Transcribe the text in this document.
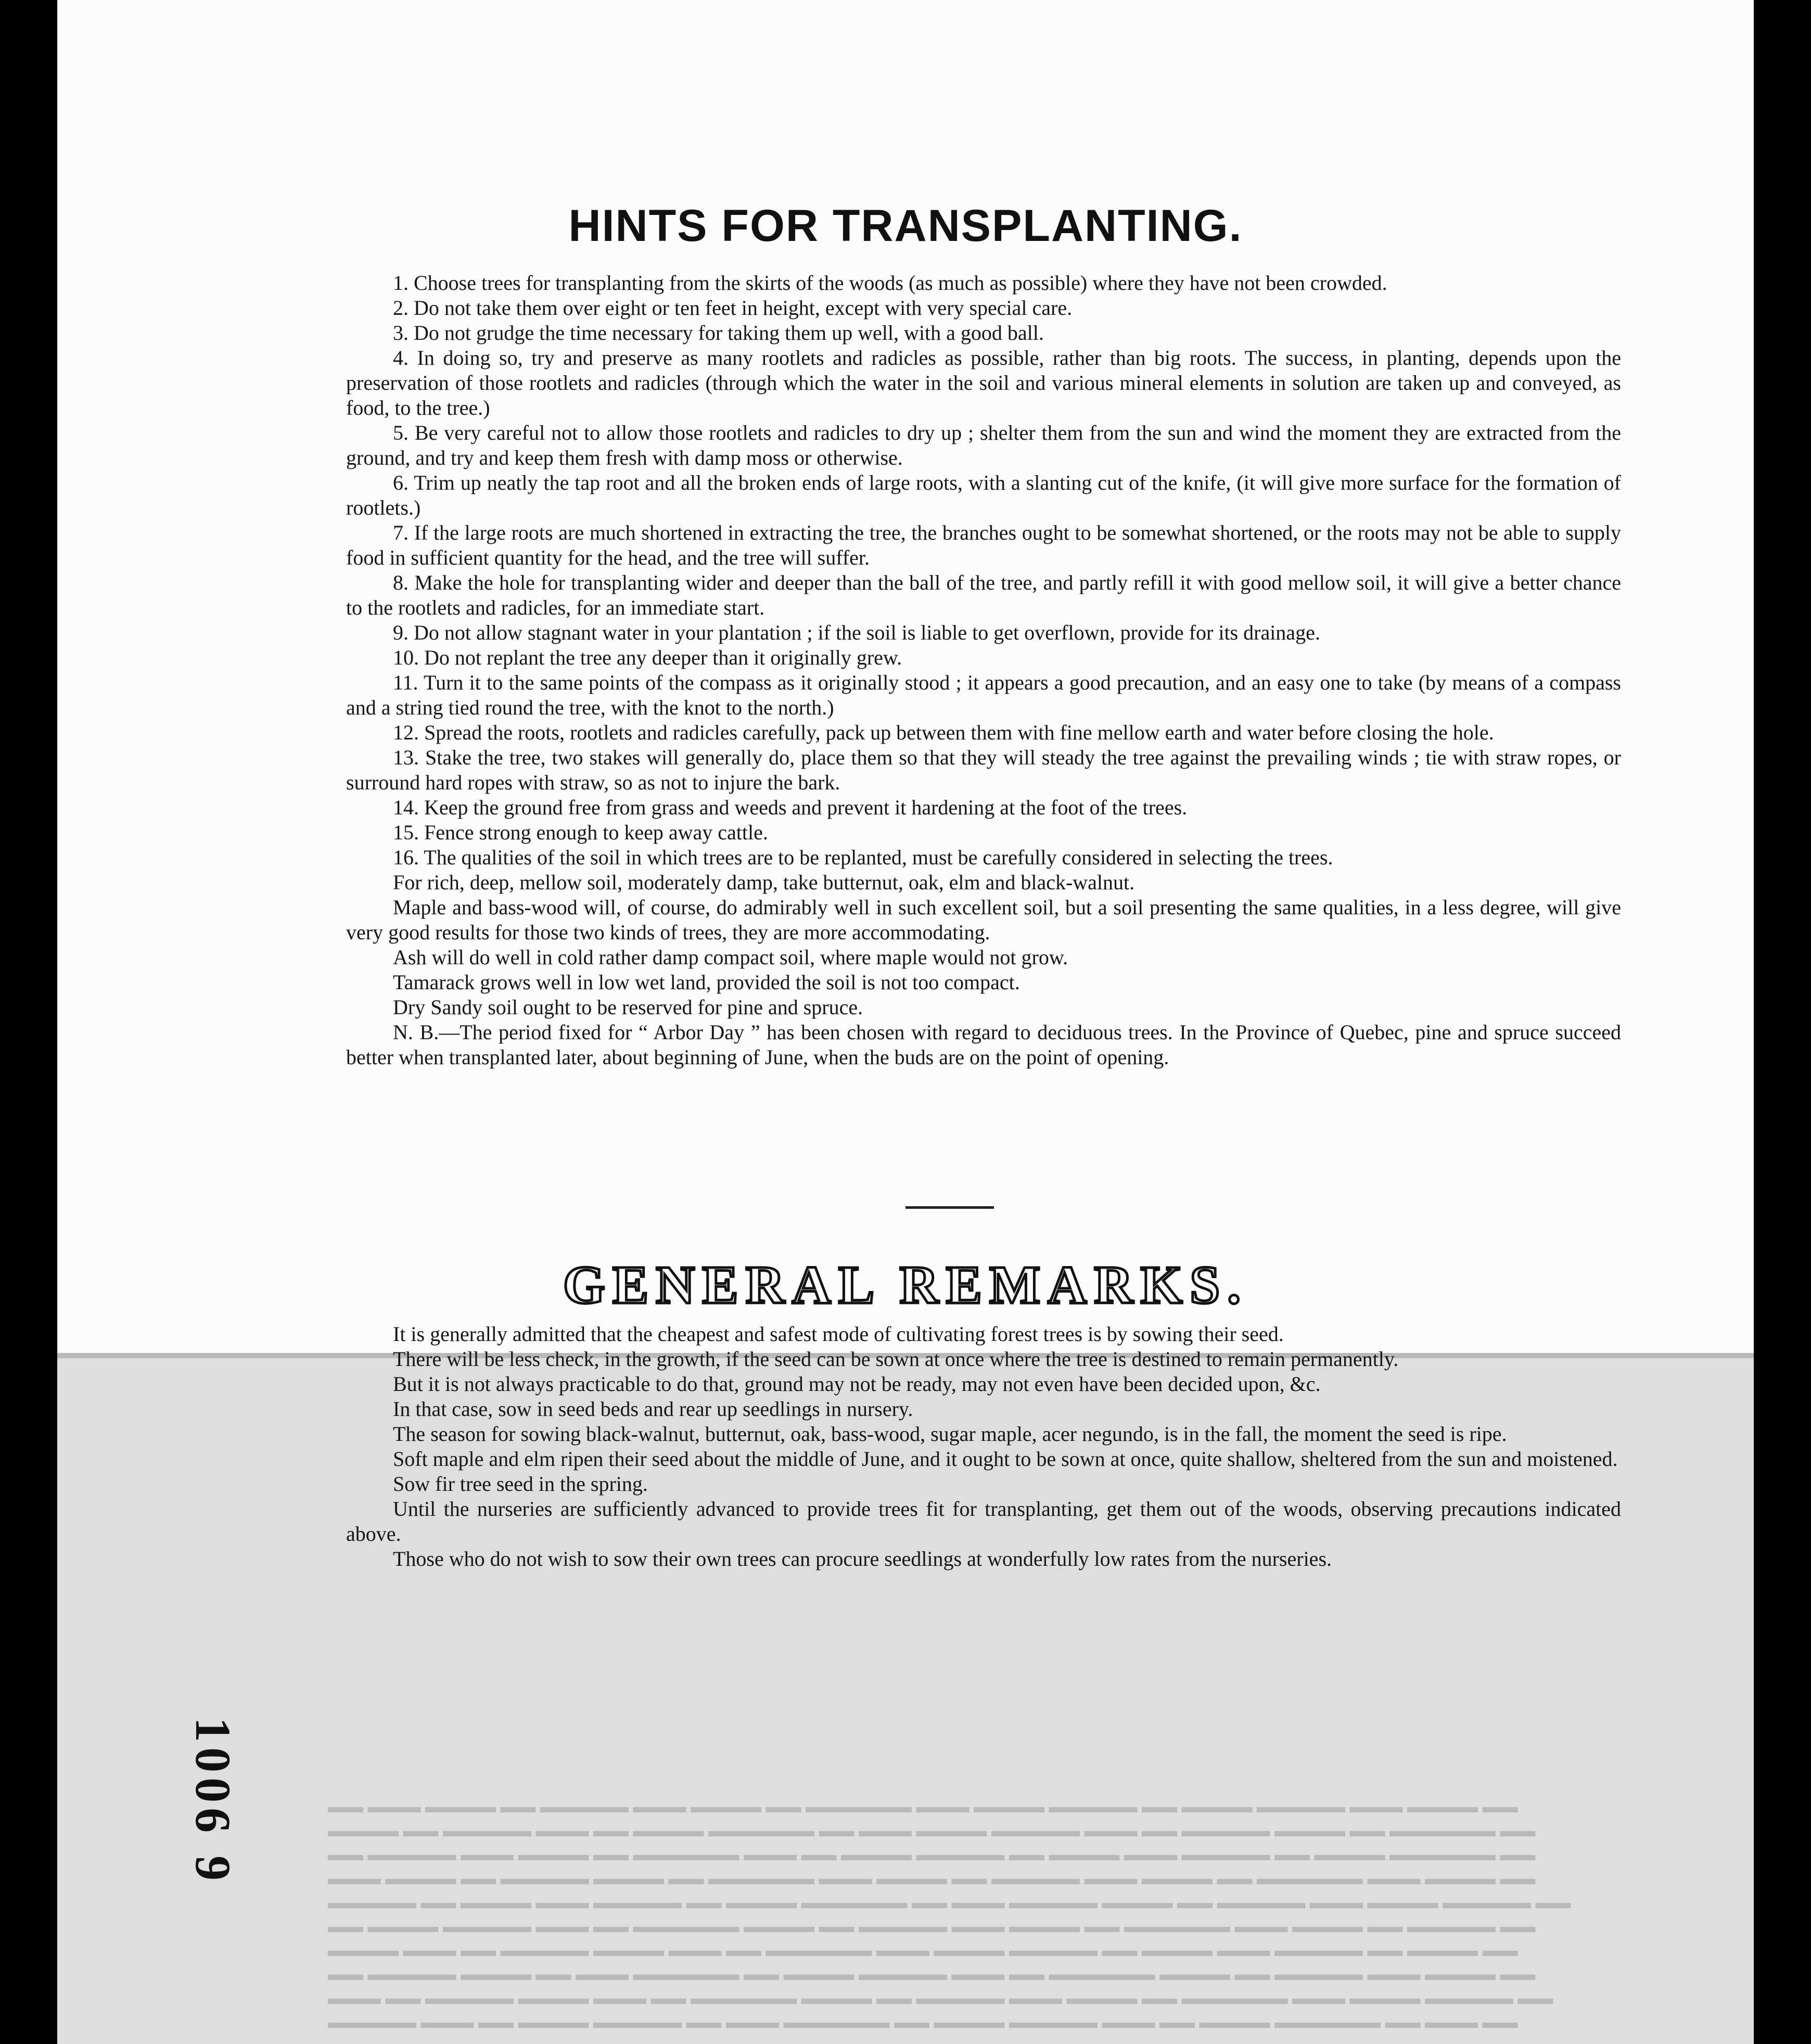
HINTS FOR TRANSPLANTING.

1. Choose trees for transplanting from the skirts of the woods (as much as possible) where they have not been crowded.

2. Do not take them over eight or ten feet in height, except with very special care.

3. Do not grudge the time necessary for taking them up well, with a good ball.

4. In doing so, try and preserve as many rootlets and radicles as possible, rather than big roots. The success, in planting, depends upon the preservation of those rootlets and radicles (through which the water in the soil and various mineral elements in solution are taken up and conveyed, as food, to the tree.)

5. Be very careful not to allow those rootlets and radicles to dry up ; shelter them from the sun and wind the moment they are extracted from the ground, and try and keep them fresh with damp moss or otherwise.

6. Trim up neatly the tap root and all the broken ends of large roots, with a slanting cut of the knife, (it will give more surface for the formation of rootlets.)

7. If the large roots are much shortened in extracting the tree, the branches ought to be somewhat shortened, or the roots may not be able to supply food in sufficient quantity for the head, and the tree will suffer.

8. Make the hole for transplanting wider and deeper than the ball of the tree, and partly refill it with good mellow soil, it will give a better chance to the rootlets and radicles, for an immediate start.

9. Do not allow stagnant water in your plantation ; if the soil is liable to get overflown, provide for its drainage.

10. Do not replant the tree any deeper than it originally grew.

11. Turn it to the same points of the compass as it originally stood ; it appears a good precaution, and an easy one to take (by means of a compass and a string tied round the tree, with the knot to the north.)

12. Spread the roots, rootlets and radicles carefully, pack up between them with fine mellow earth and water before closing the hole.

13. Stake the tree, two stakes will generally do, place them so that they will steady the tree against the prevailing winds ; tie with straw ropes, or surround hard ropes with straw, so as not to injure the bark.

14. Keep the ground free from grass and weeds and prevent it hardening at the foot of the trees.

15. Fence strong enough to keep away cattle.

16. The qualities of the soil in which trees are to be replanted, must be carefully considered in selecting the trees.

For rich, deep, mellow soil, moderately damp, take butternut, oak, elm and black-walnut.

Maple and bass-wood will, of course, do admirably well in such excellent soil, but a soil presenting the same qualities, in a less degree, will give very good results for those two kinds of trees, they are more accommodating.

Ash will do well in cold rather damp compact soil, where maple would not grow.

Tamarack grows well in low wet land, provided the soil is not too compact.

Dry Sandy soil ought to be reserved for pine and spruce.

N. B.—The period fixed for “ Arbor Day ” has been chosen with regard to deciduous trees. In the Province of Quebec, pine and spruce succeed better when transplanted later, about beginning of June, when the buds are on the point of opening.

GENERAL REMARKS.

It is generally admitted that the cheapest and safest mode of cultivating forest trees is by sowing their seed.

There will be less check, in the growth, if the seed can be sown at once where the tree is destined to remain permanently.

But it is not always practicable to do that, ground may not be ready, may not even have been decided upon, &c.

In that case, sow in seed beds and rear up seedlings in nursery.

The season for sowing black-walnut, butternut, oak, bass-wood, sugar maple, acer negundo, is in the fall, the moment the seed is ripe.

Soft maple and elm ripen their seed about the middle of June, and it ought to be sown at once, quite shallow, sheltered from the sun and moistened.

Sow fir tree seed in the spring.

Until the nurseries are sufficiently advanced to provide trees fit for transplanting, get them out of the woods, observing precautions indicated above.

Those who do not wish to sow their own trees can procure seedlings at wonderfully low rates from the nurseries.

1006 9	▬▬ ▬▬▬ ▬▬▬▬ ▬▬ ▬▬▬▬▬ ▬▬▬ ▬▬▬▬ ▬▬ ▬▬▬▬▬▬ ▬▬▬ ▬▬▬▬ ▬▬▬▬▬ ▬▬ ▬▬▬▬ ▬▬▬▬▬ ▬▬▬ ▬▬▬▬ ▬▬
▬▬▬▬ ▬▬ ▬▬▬▬▬ ▬▬▬ ▬▬ ▬▬▬▬ ▬▬▬▬▬▬ ▬▬ ▬▬▬ ▬▬▬▬ ▬▬▬▬▬ ▬▬▬ ▬▬ ▬▬▬▬▬ ▬▬▬▬ ▬▬ ▬▬▬▬▬▬ ▬▬
▬▬ ▬▬▬▬▬ ▬▬▬ ▬▬▬▬ ▬▬ ▬▬▬▬▬▬ ▬▬▬ ▬▬ ▬▬▬▬ ▬▬▬▬▬ ▬▬ ▬▬▬▬ ▬▬▬ ▬▬▬▬▬ ▬▬ ▬▬▬▬ ▬▬▬▬▬▬ ▬▬
▬▬▬ ▬▬▬▬ ▬▬ ▬▬▬▬▬ ▬▬▬▬ ▬▬ ▬▬▬▬▬▬ ▬▬▬ ▬▬▬▬ ▬▬ ▬▬▬▬▬ ▬▬▬ ▬▬▬▬ ▬▬ ▬▬▬▬▬▬ ▬▬▬ ▬▬▬▬ ▬▬
▬▬▬▬▬ ▬▬ ▬▬▬▬ ▬▬▬ ▬▬▬▬▬ ▬▬ ▬▬▬▬ ▬▬▬▬▬▬ ▬▬ ▬▬▬ ▬▬▬▬▬ ▬▬▬▬ ▬▬ ▬▬▬▬▬ ▬▬▬ ▬▬▬▬ ▬▬▬▬▬ ▬▬
▬▬ ▬▬▬▬ ▬▬▬▬▬ ▬▬▬ ▬▬ ▬▬▬▬▬▬ ▬▬▬▬ ▬▬ ▬▬▬▬▬ ▬▬▬ ▬▬▬▬ ▬▬ ▬▬▬▬▬▬ ▬▬▬ ▬▬▬▬ ▬▬ ▬▬▬▬▬ ▬▬
▬▬▬▬ ▬▬▬ ▬▬ ▬▬▬▬▬ ▬▬▬▬ ▬▬▬ ▬▬ ▬▬▬▬▬▬ ▬▬▬ ▬▬▬▬ ▬▬▬▬▬ ▬▬ ▬▬▬▬ ▬▬▬ ▬▬▬▬▬ ▬▬ ▬▬▬▬ ▬▬
▬▬ ▬▬▬▬▬ ▬▬▬▬ ▬▬ ▬▬▬ ▬▬▬▬▬▬ ▬▬ ▬▬▬▬ ▬▬▬▬▬ ▬▬▬ ▬▬ ▬▬▬▬▬▬ ▬▬▬▬ ▬▬ ▬▬▬▬▬ ▬▬▬ ▬▬▬▬ ▬▬
▬▬▬ ▬▬ ▬▬▬▬▬ ▬▬▬▬ ▬▬▬ ▬▬ ▬▬▬▬▬▬ ▬▬▬▬ ▬▬ ▬▬▬▬▬ ▬▬▬ ▬▬▬▬ ▬▬ ▬▬▬▬▬▬ ▬▬▬ ▬▬▬▬ ▬▬▬▬▬ ▬▬
▬▬▬▬▬ ▬▬▬ ▬▬ ▬▬▬▬ ▬▬▬▬▬ ▬▬ ▬▬▬ ▬▬▬▬▬▬ ▬▬ ▬▬▬▬ ▬▬▬▬▬ ▬▬▬ ▬▬ ▬▬▬▬ ▬▬▬▬▬▬ ▬▬ ▬▬▬ ▬▬
